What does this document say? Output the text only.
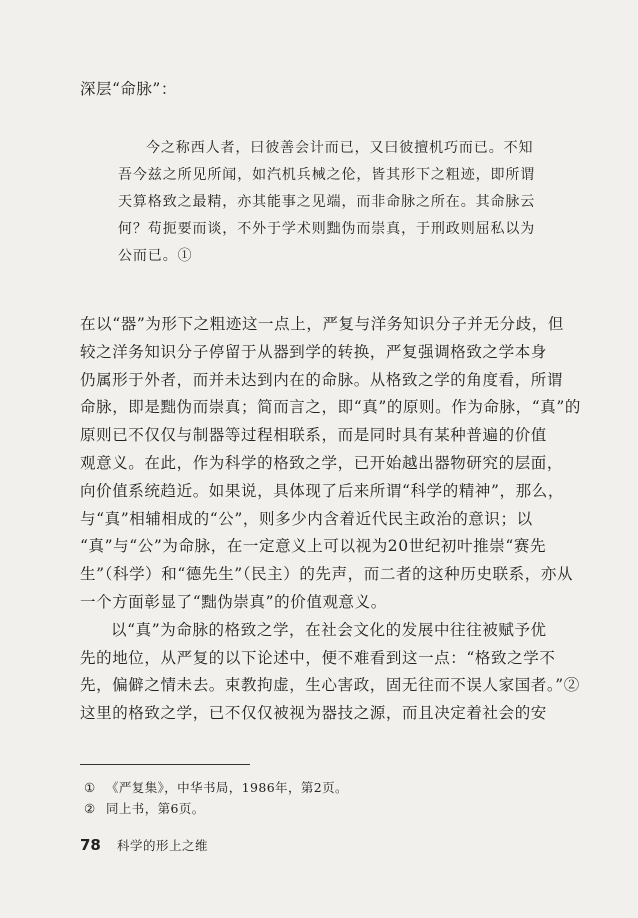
深层“命脉”：
今之称西人者，曰彼善会计而已，又曰彼擅机巧而已。不知
吾今兹之所见所闻，如汽机兵械之伦，皆其形下之粗迹，即所谓
天算格致之最精，亦其能事之见端，而非命脉之所在。其命脉云
何？苟扼要而谈，不外于学术则黜伪而崇真，于刑政则屈私以为
公而已。①
在以“器”为形下之粗迹这一点上，严复与洋务知识分子并无分歧，但
较之洋务知识分子停留于从器到学的转换，严复强调格致之学本身
仍属形于外者，而并未达到内在的命脉。从格致之学的角度看，所谓
命脉，即是黜伪而崇真；简而言之，即“真”的原则。作为命脉，“真”的
原则已不仅仅与制器等过程相联系，而是同时具有某种普遍的价值
观意义。在此，作为科学的格致之学，已开始越出器物研究的层面，
向价值系统趋近。如果说，具体现了后来所谓“科学的精神”，那么，
与“真”相辅相成的“公”，则多少内含着近代民主政治的意识；以
“真”与“公”为命脉，在一定意义上可以视为20世纪初叶推崇“赛先
生”（科学）和“德先生”（民主）的先声，而二者的这种历史联系，亦从
一个方面彰显了“黜伪崇真”的价值观意义。
以“真”为命脉的格致之学，在社会文化的发展中往往被赋予优
先的地位，从严复的以下论述中，便不难看到这一点：“格致之学不
先，偏僻之情未去。束教拘虚，生心害政，固无往而不误人家国者。”②
这里的格致之学，已不仅仅被视为器技之源，而且决定着社会的安
① 《严复集》，中华书局，1986年，第2页。
② 同上书，第6页。
78 科学的形上之维
